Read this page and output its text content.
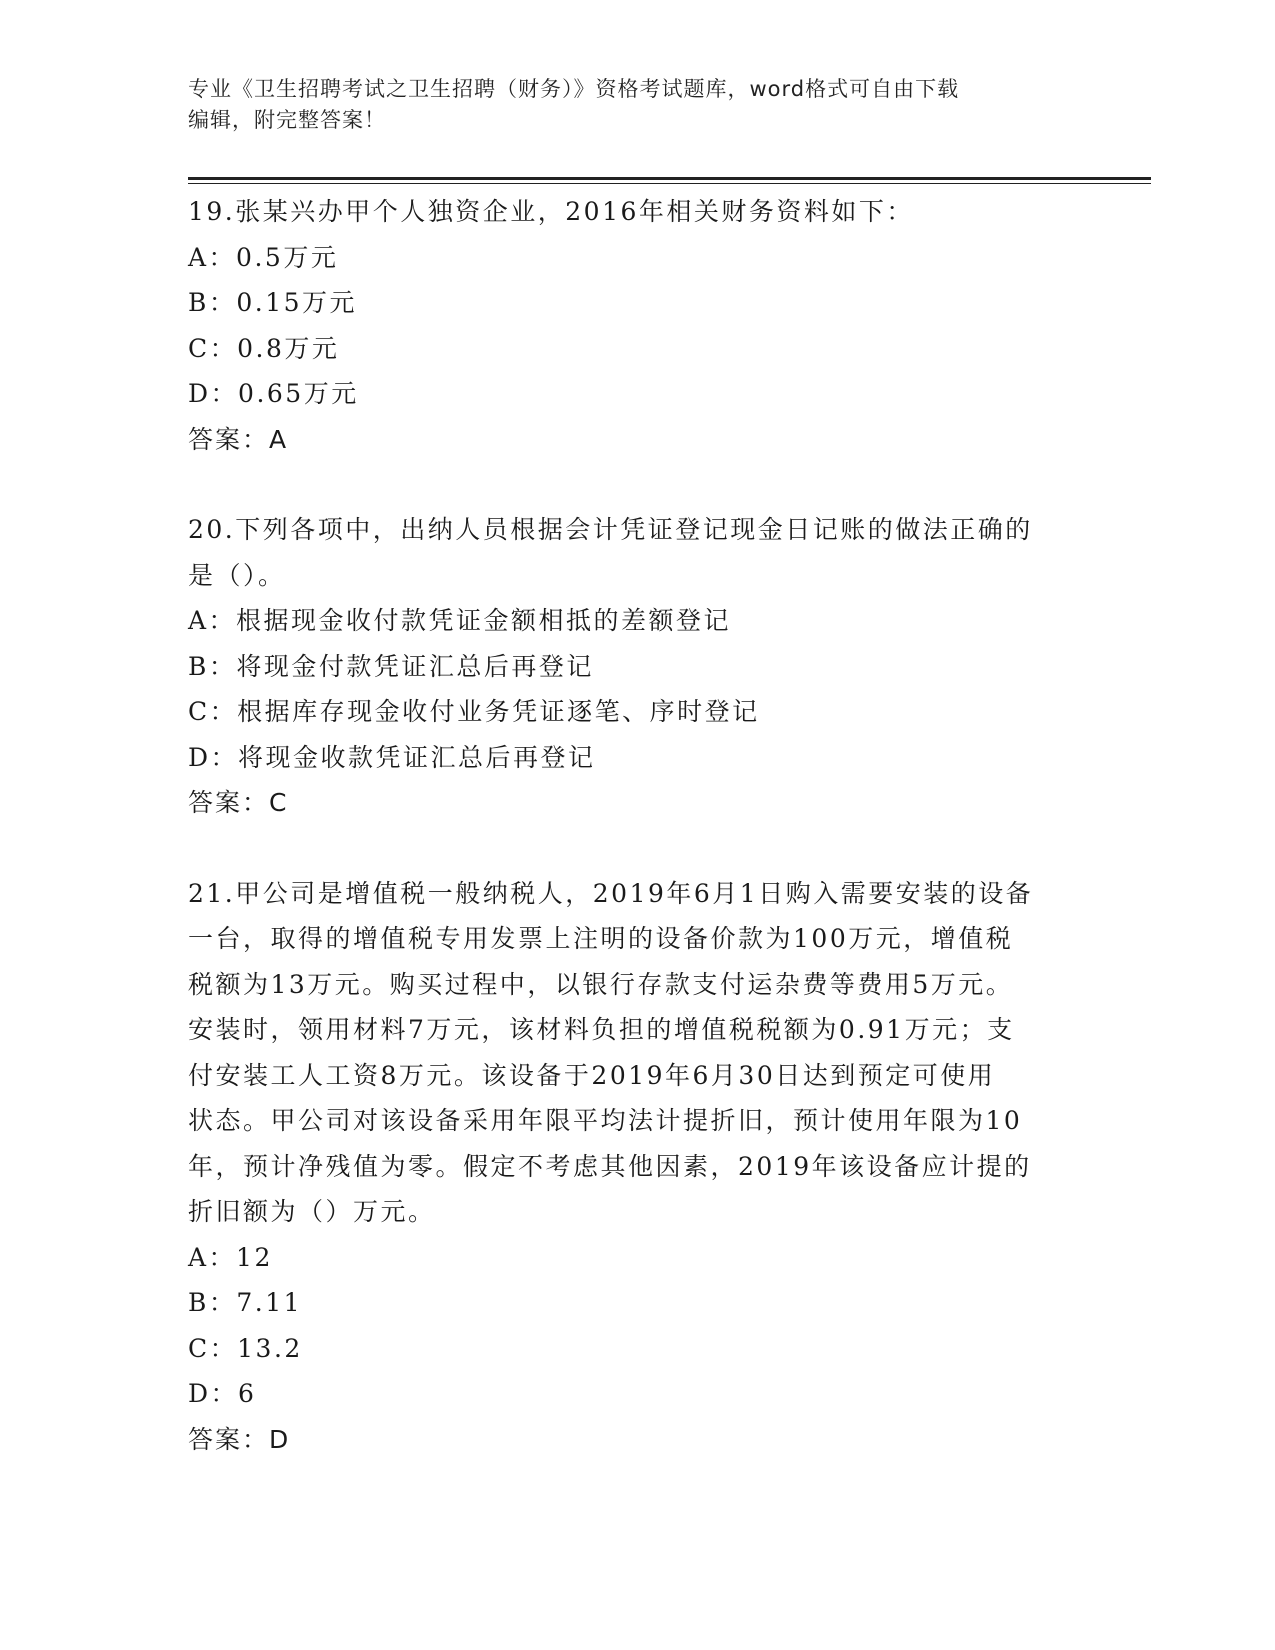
专业《卫生招聘考试之卫生招聘（财务）》资格考试题库，word格式可自由下载

编辑，附完整答案！

19.张某兴办甲个人独资企业，2016年相关财务资料如下：

A：0.5万元

B：0.15万元

C：0.8万元

D：0.65万元

答案：A

20.下列各项中，出纳人员根据会计凭证登记现金日记账的做法正确的

是（）。

A：根据现金收付款凭证金额相抵的差额登记

B：将现金付款凭证汇总后再登记

C：根据库存现金收付业务凭证逐笔、序时登记

D：将现金收款凭证汇总后再登记

答案：C

21.甲公司是增值税一般纳税人，2019年6月1日购入需要安装的设备

一台，取得的增值税专用发票上注明的设备价款为100万元，增值税

税额为13万元。购买过程中，以银行存款支付运杂费等费用5万元。

安装时，领用材料7万元，该材料负担的增值税税额为0.91万元；支

付安装工人工资8万元。该设备于2019年6月30日达到预定可使用

状态。甲公司对该设备采用年限平均法计提折旧，预计使用年限为10

年，预计净残值为零。假定不考虑其他因素，2019年该设备应计提的

折旧额为（）万元。

A：12

B：7.11

C：13.2

D：6

答案：D
